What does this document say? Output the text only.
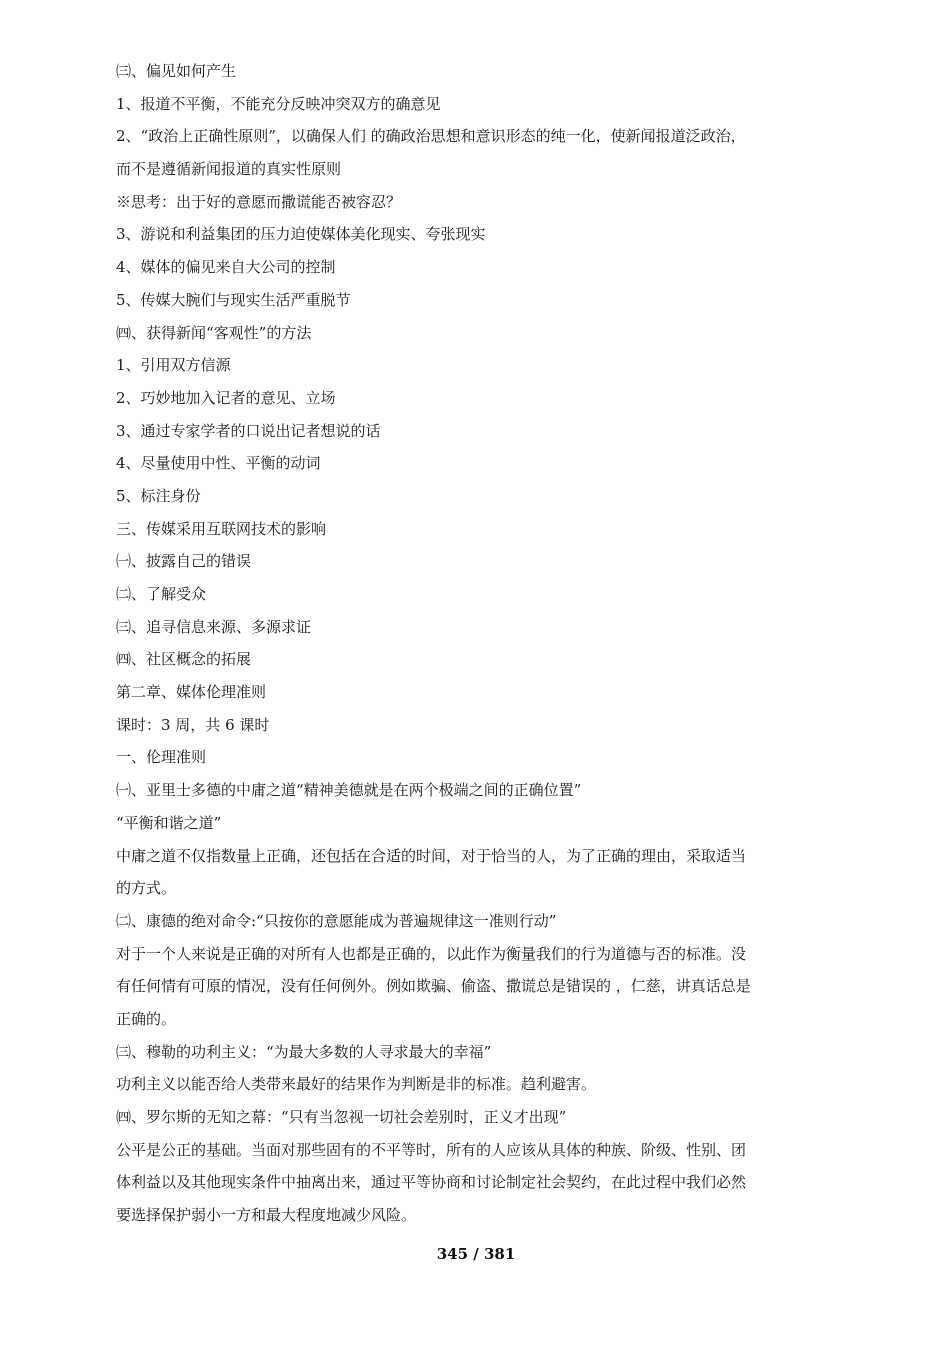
㈢、偏见如何产生
1、报道不平衡，不能充分反映冲突双方的确意见
2、“政治上正确性原则”，以确保人们 的确政治思想和意识形态的纯一化，使新闻报道泛政治，
而不是遵循新闻报道的真实性原则
※思考：出于好的意愿而撒谎能否被容忍？
3、游说和利益集团的压力迫使媒体美化现实、夸张现实
4、媒体的偏见来自大公司的控制
5、传媒大腕们与现实生活严重脱节
㈣、获得新闻“客观性”的方法
1、引用双方信源
2、巧妙地加入记者的意见、立场
3、通过专家学者的口说出记者想说的话
4、尽量使用中性、平衡的动词
5、标注身份
三、传媒采用互联网技术的影响
㈠、披露自己的错误
㈡、了解受众
㈢、追寻信息来源、多源求证
㈣、社区概念的拓展
第二章、媒体伦理准则
课时：3 周，共 6 课时
一、伦理准则
㈠、亚里士多德的中庸之道“精神美德就是在两个极端之间的正确位置”
“平衡和谐之道”
中庸之道不仅指数量上正确，还包括在合适的时间，对于恰当的人，为了正确的理由，采取适当
的方式。
㈡、康德的绝对命令:“只按你的意愿能成为普遍规律这一准则行动”
对于一个人来说是正确的对所有人也都是正确的，以此作为衡量我们的行为道德与否的标准。没
有任何情有可原的情况，没有任何例外。例如欺骗、偷盗、撒谎总是错误的 ，仁慈，讲真话总是
正确的。
㈢、穆勒的功利主义：“为最大多数的人寻求最大的幸福”
功利主义以能否给人类带来最好的结果作为判断是非的标准。趋利避害。
㈣、罗尔斯的无知之幕：“只有当忽视一切社会差别时，正义才出现”
公平是公正的基础。当面对那些固有的不平等时，所有的人应该从具体的种族、阶级、性别、团
体利益以及其他现实条件中抽离出来，通过平等协商和讨论制定社会契约，在此过程中我们必然
要选择保护弱小一方和最大程度地减少风险。
345 / 381
